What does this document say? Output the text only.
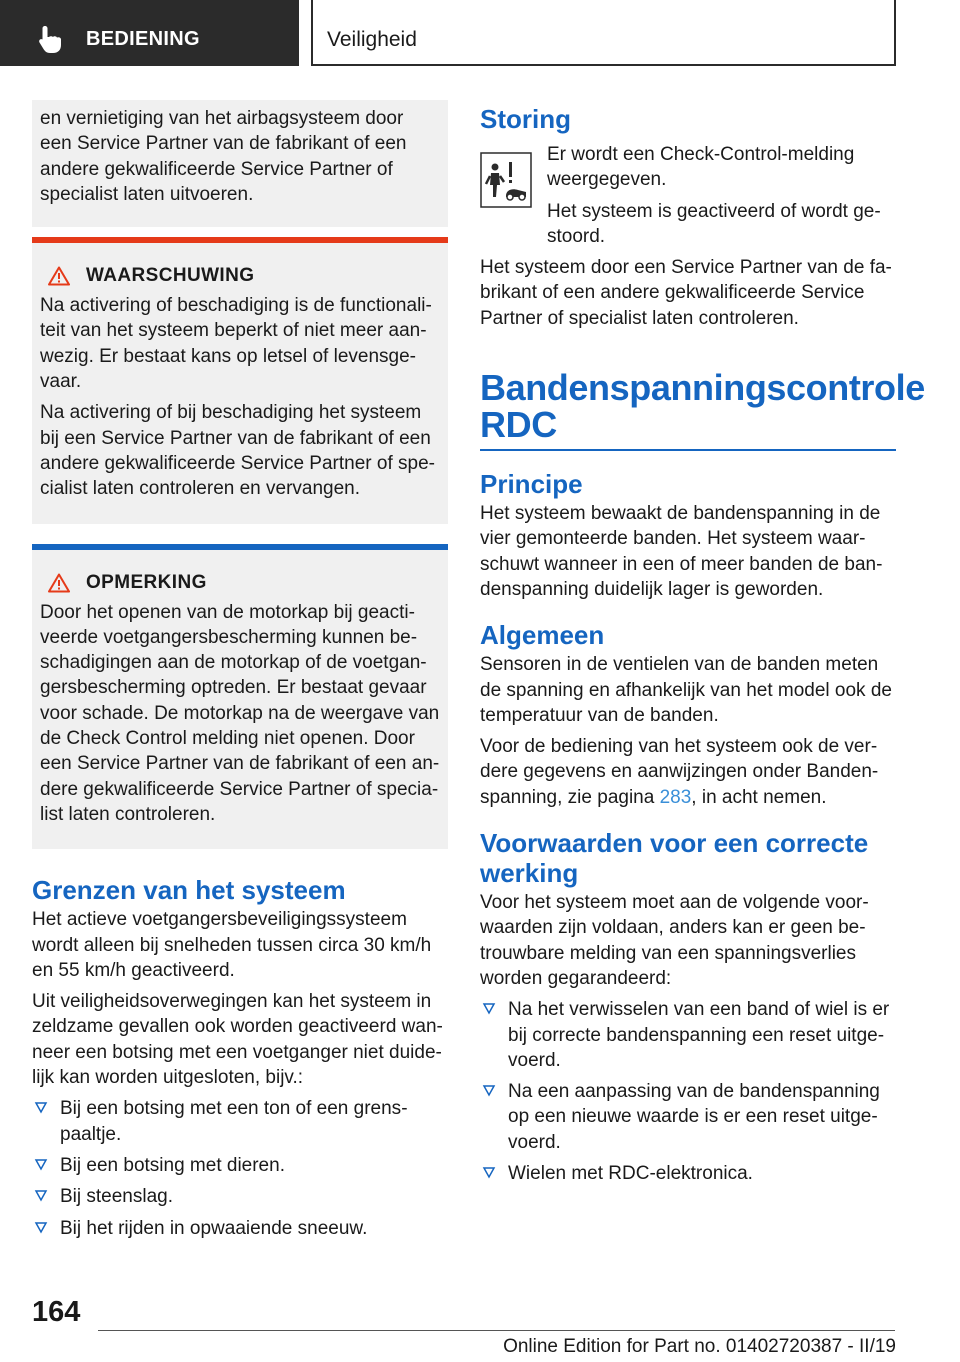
BEDIENING	Veiligheid

en vernietiging van het airbagsysteem door een Service Partner van de fabrikant of een andere gekwalificeerde Service Partner of specialist laten uitvoeren.

WAARSCHUWING

Na activering of beschadiging is de functionaliteit van het systeem beperkt of niet meer aanwezig. Er bestaat kans op letsel of levensgevaar.

Na activering of bij beschadiging het systeem bij een Service Partner van de fabrikant of een andere gekwalificeerde Service Partner of specialist laten controleren en vervangen.

OPMERKING

Door het openen van de motorkap bij geactiveerde voetgangersbescherming kunnen beschadigingen aan de motorkap of de voetgangersbescherming optreden. Er bestaat gevaar voor schade. De motorkap na de weergave van de Check Control melding niet openen. Door een Service Partner van de fabrikant of een andere gekwalificeerde Service Partner of specialist laten controleren.

Grenzen van het systeem

Het actieve voetgangersbeveiligingssysteem wordt alleen bij snelheden tussen circa 30 km/h en 55 km/h geactiveerd.

Uit veiligheidsoverwegingen kan het systeem in zeldzame gevallen ook worden geactiveerd wanneer een botsing met een voetganger niet duidelijk kan worden uitgesloten, bijv.:

Bij een botsing met een ton of een grenspaaltje.
Bij een botsing met dieren.
Bij steenslag.
Bij het rijden in opwaaiende sneeuw.
Storing

Er wordt een Check-Control-melding weergegeven.

Het systeem is geactiveerd of wordt gestoord.

Het systeem door een Service Partner van de fabrikant of een andere gekwalificeerde Service Partner of specialist laten controleren.

Bandenspanningscontrole RDC
Principe

Het systeem bewaakt de bandenspanning in de vier gemonteerde banden. Het systeem waarschuwt wanneer in een of meer banden de bandenspanning duidelijk lager is geworden.

Algemeen

Sensoren in de ventielen van de banden meten de spanning en afhankelijk van het model ook de temperatuur van de banden.

Voor de bediening van het systeem ook de verdere gegevens en aanwijzingen onder Bandenspanning, zie pagina 283, in acht nemen.

Voorwaarden voor een correcte werking

Voor het systeem moet aan de volgende voorwaarden zijn voldaan, anders kan er geen betrouwbare melding van een spanningsverlies worden gegarandeerd:

Na het verwisselen van een band of wiel is er bij correcte bandenspanning een reset uitgevoerd.
Na een aanpassing van de bandenspanning op een nieuwe waarde is er een reset uitgevoerd.
Wielen met RDC-elektronica.
164
Online Edition for Part no. 01402720387 - II/19
